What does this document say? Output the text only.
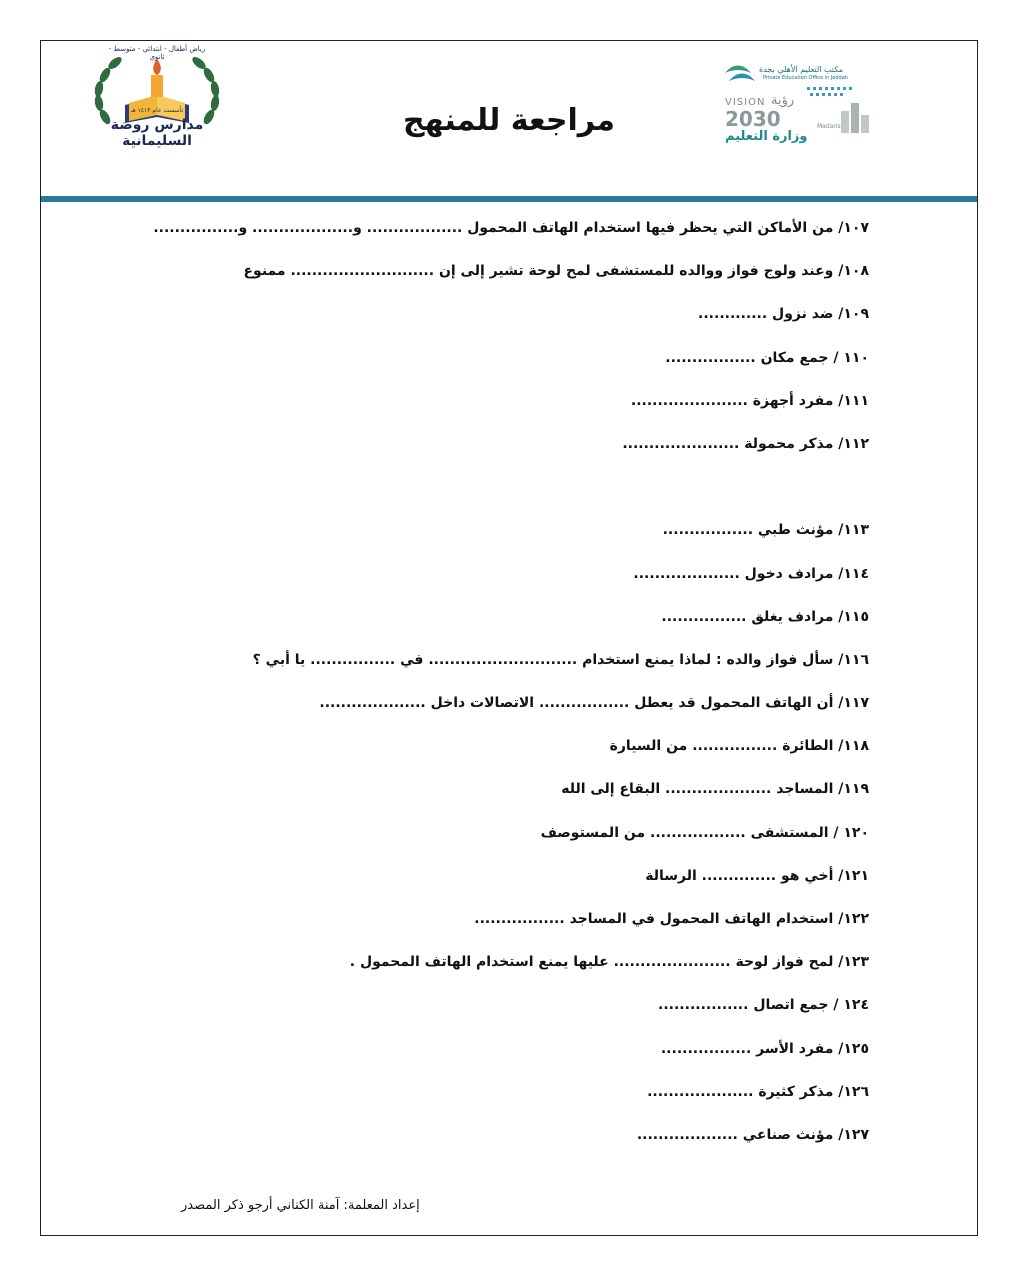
رياض أطفال - ابتدائي - متوسط - ثانوي
تأسست عام ١٤١٣ هـ
مدارس روضة السليمانية
مراجعة للمنهج
مكتب التعليم الأهلي بجدة
Private Education Office in Jeddah
VISION رؤية
2030
وزارة التعليم
Madaris
١٠٧/ من الأماكن التي يحظر فيها استخدام الهاتف المحمول .................. و................... و................
١٠٨/ وعند ولوج فواز ووالده للمستشفى لمح لوحة تشير إلى إن ........................... ممنوع
١٠٩/ ضد نزول .............
١١٠ / جمع مكان .................
١١١/ مفرد أجهزة ......................
١١٢/ مذكر محمولة ......................
١١٣/ مؤنث طبي .................
١١٤/ مرادف دخول ....................
١١٥/ مرادف يغلق ................
١١٦/ سأل فواز والده : لماذا يمنع استخدام ............................ في ................ يا أبي ؟
١١٧/ أن الهاتف المحمول قد يعطل ................. الاتصالات داخل ....................
١١٨/ الطائرة ................ من السيارة
١١٩/ المساجد .................... البقاع إلى الله
١٢٠ / المستشفى .................. من المستوصف
١٢١/ أخي هو .............. الرسالة
١٢٢/ استخدام الهاتف المحمول في المساجد .................
١٢٣/ لمح فواز لوحة ...................... عليها يمنع استخدام الهاتف المحمول .
١٢٤ / جمع اتصال .................
١٢٥/ مفرد الأسر .................
١٢٦/ مذكر كثيرة ....................
١٢٧/ مؤنث صناعي ...................
إعداد المعلمة: آمنة الكناني أرجو ذكر المصدر
